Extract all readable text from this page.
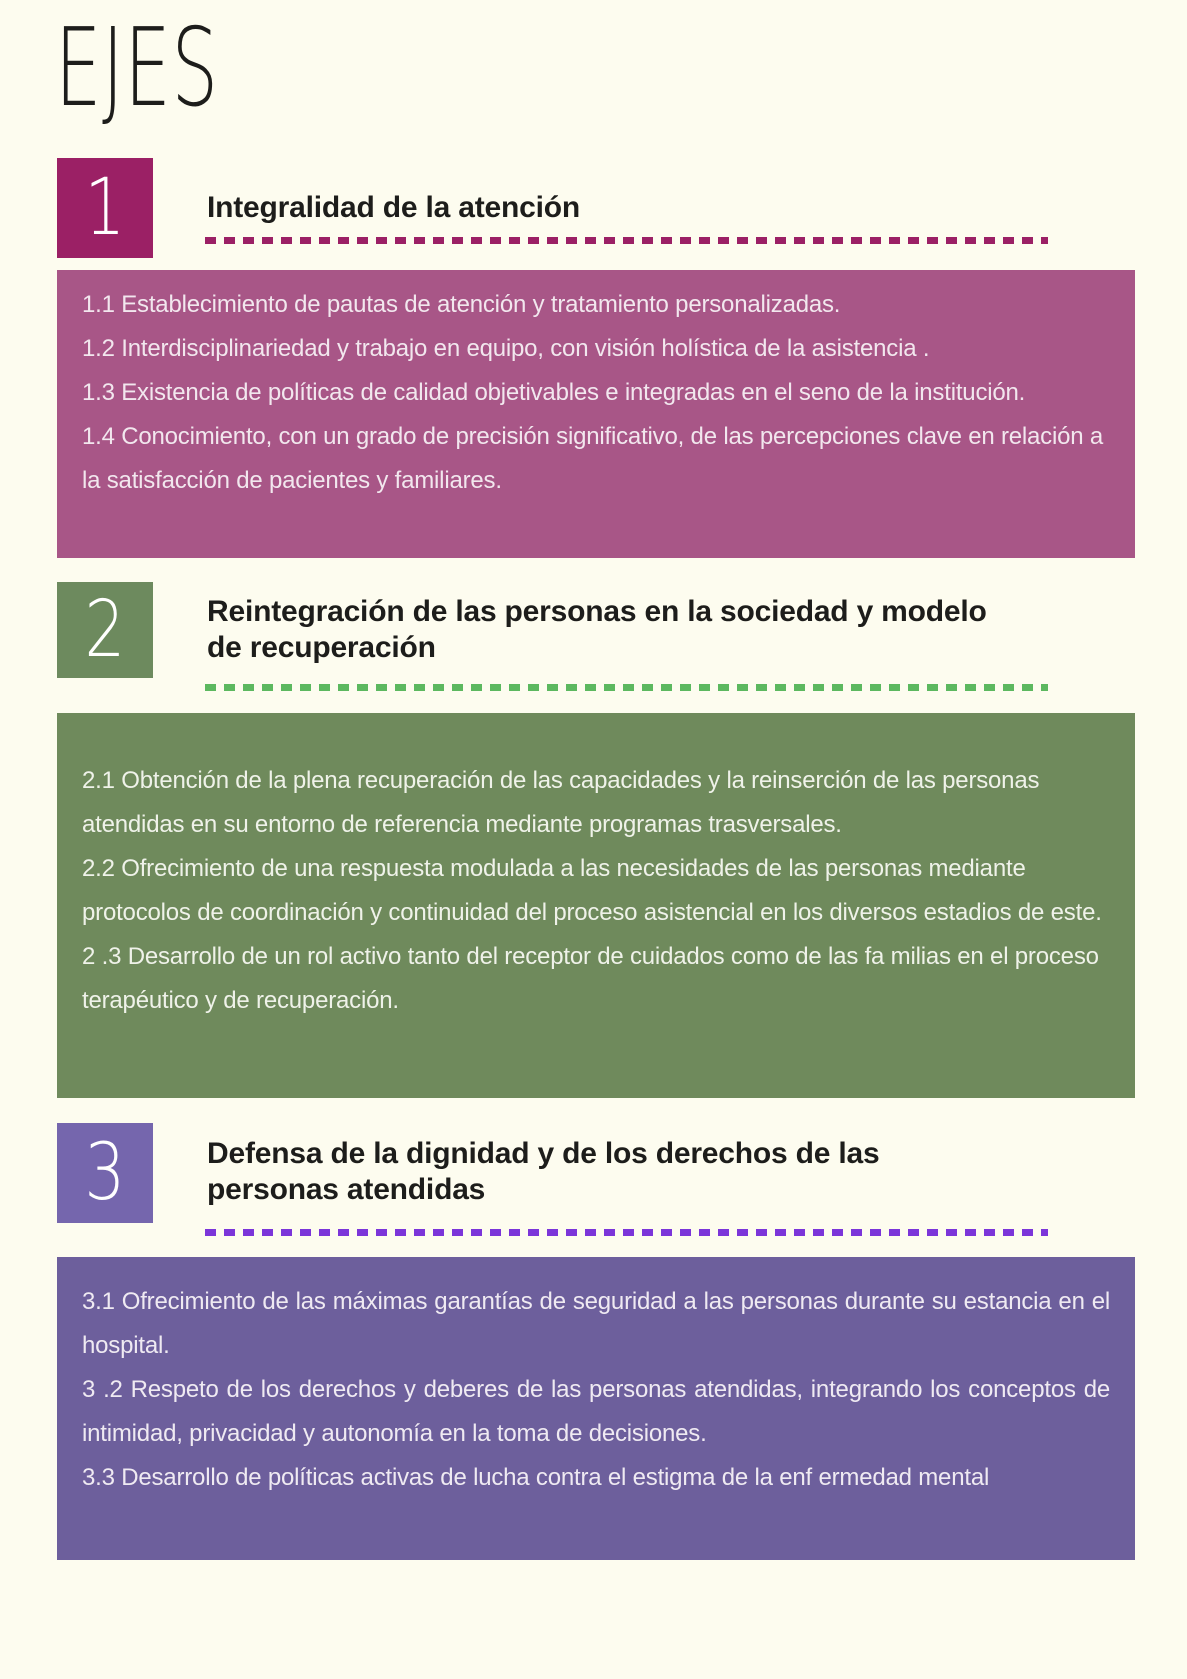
EJES
1	Integralidad de la atención

1.1 Establecimiento de pautas de atención y tratamiento personalizadas.

1.2 Interdisciplinariedad y trabajo en equipo, con visión holística de la asistencia .

1.3 Existencia de políticas de calidad objetivables e integradas en el seno de la institución.

1.4 Conocimiento, con un grado de precisión significativo, de las percepciones clave en relación a la satisfacción de pacientes y familiares.

2	Reintegración de las personas en la sociedad y modelo de recuperación

2.1 Obtención de la plena recuperación de las capacidades y la reinserción de las personas atendidas en su entorno de referencia mediante programas trasversales.

2.2 Ofrecimiento de una respuesta modulada a las necesidades de las personas mediante protocolos de coordinación y continuidad del proceso asistencial en los diversos estadios de este.

2 .3 Desarrollo de un rol activo tanto del receptor de cuidados como de las fa milias en el proceso terapéutico y de recuperación.

3	Defensa de la dignidad y de los derechos de las personas atendidas

3.1 Ofrecimiento de las máximas garantías de seguridad a las personas durante su estancia en el hospital.

3 .2 Respeto de los derechos y deberes de las personas atendidas, integrando los conceptos de intimidad, privacidad y autonomía en la toma de decisiones.

3.3 Desarrollo de políticas activas de lucha contra el estigma de la enf ermedad mental
